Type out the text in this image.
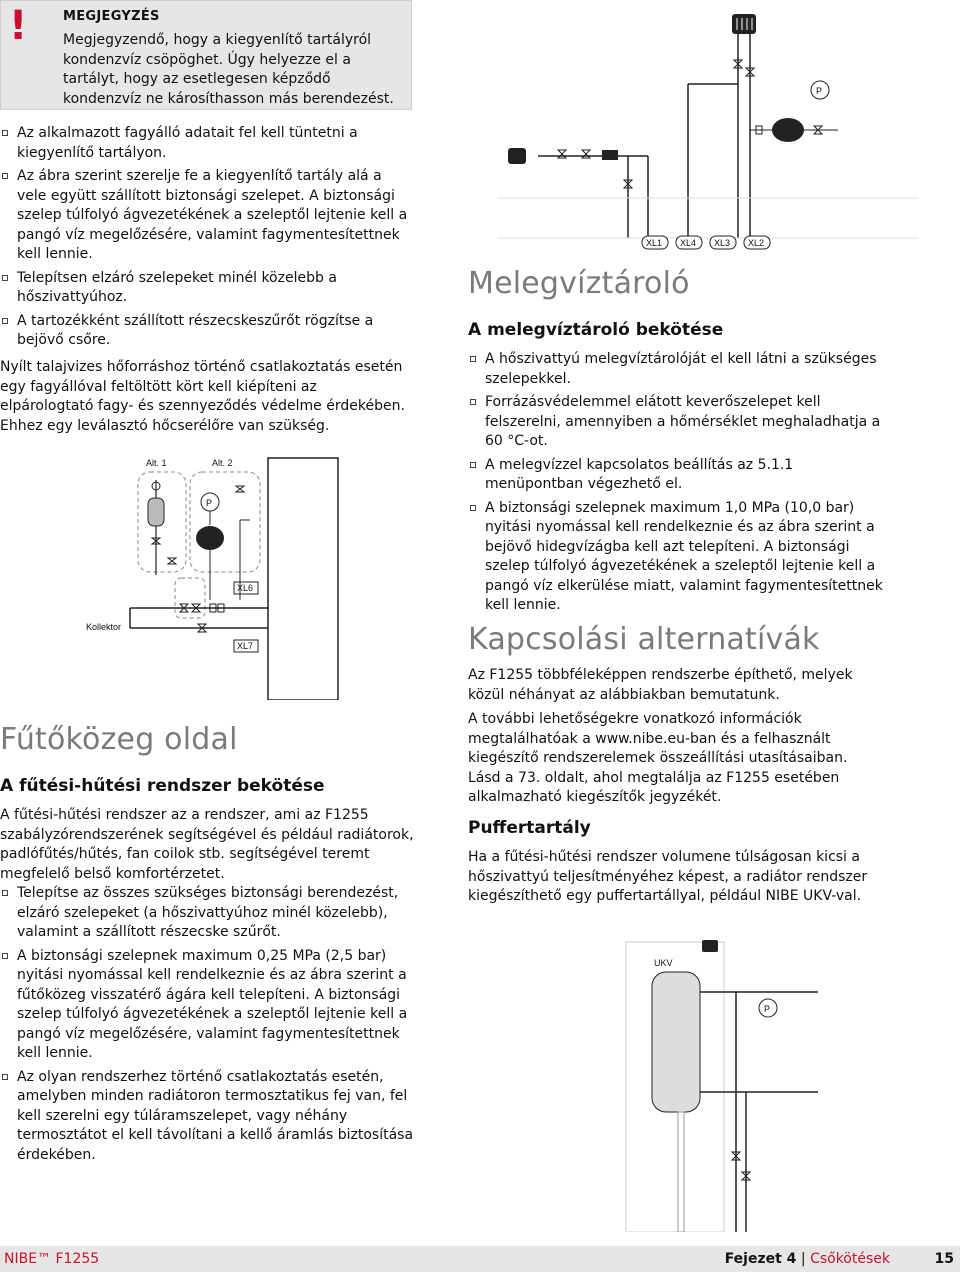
!	MEGJEGYZÉS
Megjegyzendő, hogy a kiegyenlítő tartályról kondenzvíz csöpöghet. Úgy helyezze el a tartályt, hogy az esetlegesen képződő kondenzvíz ne károsíthasson más berendezést.
Az alkalmazott fagyálló adatait fel kell tüntetni a kiegyenlítő tartályon.
Az ábra szerint szerelje fe a kiegyenlítő tartály alá a vele együtt szállított biztonsági szelepet. A biztonsági szelep túlfolyó ágvezetékének a szeleptől lejtenie kell a pangó víz megelőzésére, valamint fagymentesítettnek kell lennie.
Telepítsen elzáró szelepeket minél közelebb a hőszivattyúhoz.
A tartozékként szállított részecskeszűrőt rögzítse a bejövő csőre.

Nyílt talajvizes hőforráshoz történő csatlakoztatás esetén egy fagyállóval feltöltött kört kell kiépíteni az elpárologtató fagy- és szennyeződés védelme érdekében. Ehhez egy leválasztó hőcserélőre van szükség.

Alt. 1	Alt. 2
P
XL6
XL7
Kollektor
Fűtőközeg oldal
A fűtési-hűtési rendszer bekötése

A fűtési-hűtési rendszer az a rendszer, ami az F1255 szabályzórendszerének segítségével és például radiátorok, padlófűtés/hűtés, fan coilok stb. segítségével teremt megfelelő belső komfortérzetet.

Telepítse az összes szükséges biztonsági berendezést, elzáró szelepeket (a hőszivattyúhoz minél közelebb), valamint a szállított részecske szűrőt.
A biztonsági szelepnek maximum 0,25 MPa (2,5 bar) nyitási nyomással kell rendelkeznie és az ábra szerint a fűtőközeg visszatérő ágára kell telepíteni. A biztonsági szelep túlfolyó ágvezetékének a szeleptől lejtenie kell a pangó víz megelőzésére, valamint fagymentesítettnek kell lennie.
Az olyan rendszerhez történő csatlakoztatás esetén, amelyben minden radiátoron termosztatikus fej van, fel kell szerelni egy túláramszelepet, vagy néhány termosztátot el kell távolítani a kellő áramlás biztosítása érdekében.
P
XL1 XL4 XL3 XL2
Melegvíztároló
A melegvíztároló bekötése
A hőszivattyú melegvíztárolóját el kell látni a szükséges szelepekkel.
Forrázásvédelemmel elátott keverőszelepet kell felszerelni, amennyiben a hőmérséklet meghaladhatja a 60 °C-ot.
A melegvízzel kapcsolatos beállítás az 5.1.1 menüpontban végezhető el.
A biztonsági szelepnek maximum 1,0 MPa (10,0 bar) nyitási nyomással kell rendelkeznie és az ábra szerint a bejövő hidegvízágba kell azt telepíteni. A biztonsági szelep túlfolyó ágvezetékének a szeleptől lejtenie kell a pangó víz elkerülése miatt, valamint fagymentesítettnek kell lennie.
Kapcsolási alternatívák

Az F1255 többféleképpen rendszerbe építhető, melyek közül néhányat az alábbiakban bemutatunk.

A további lehetőségekre vonatkozó információk megtalálhatóak a www.nibe.eu-ban és a felhasznált kiegészítő rendszerelemek összeállítási utasításaiban. Lásd a 73. oldalt, ahol megtalálja az F1255 esetében alkalmazható kiegészítők jegyzékét.

Puffertartály

Ha a fűtési-hűtési rendszer volumene túlságosan kicsi a hőszivattyú teljesítményéhez képest, a radiátor rendszer kiegészíthető egy puffertartállyal, például NIBE UKV-val.

UKV
P
NIBE™ F1255	Fejezet 4 | Csőkötések	15
